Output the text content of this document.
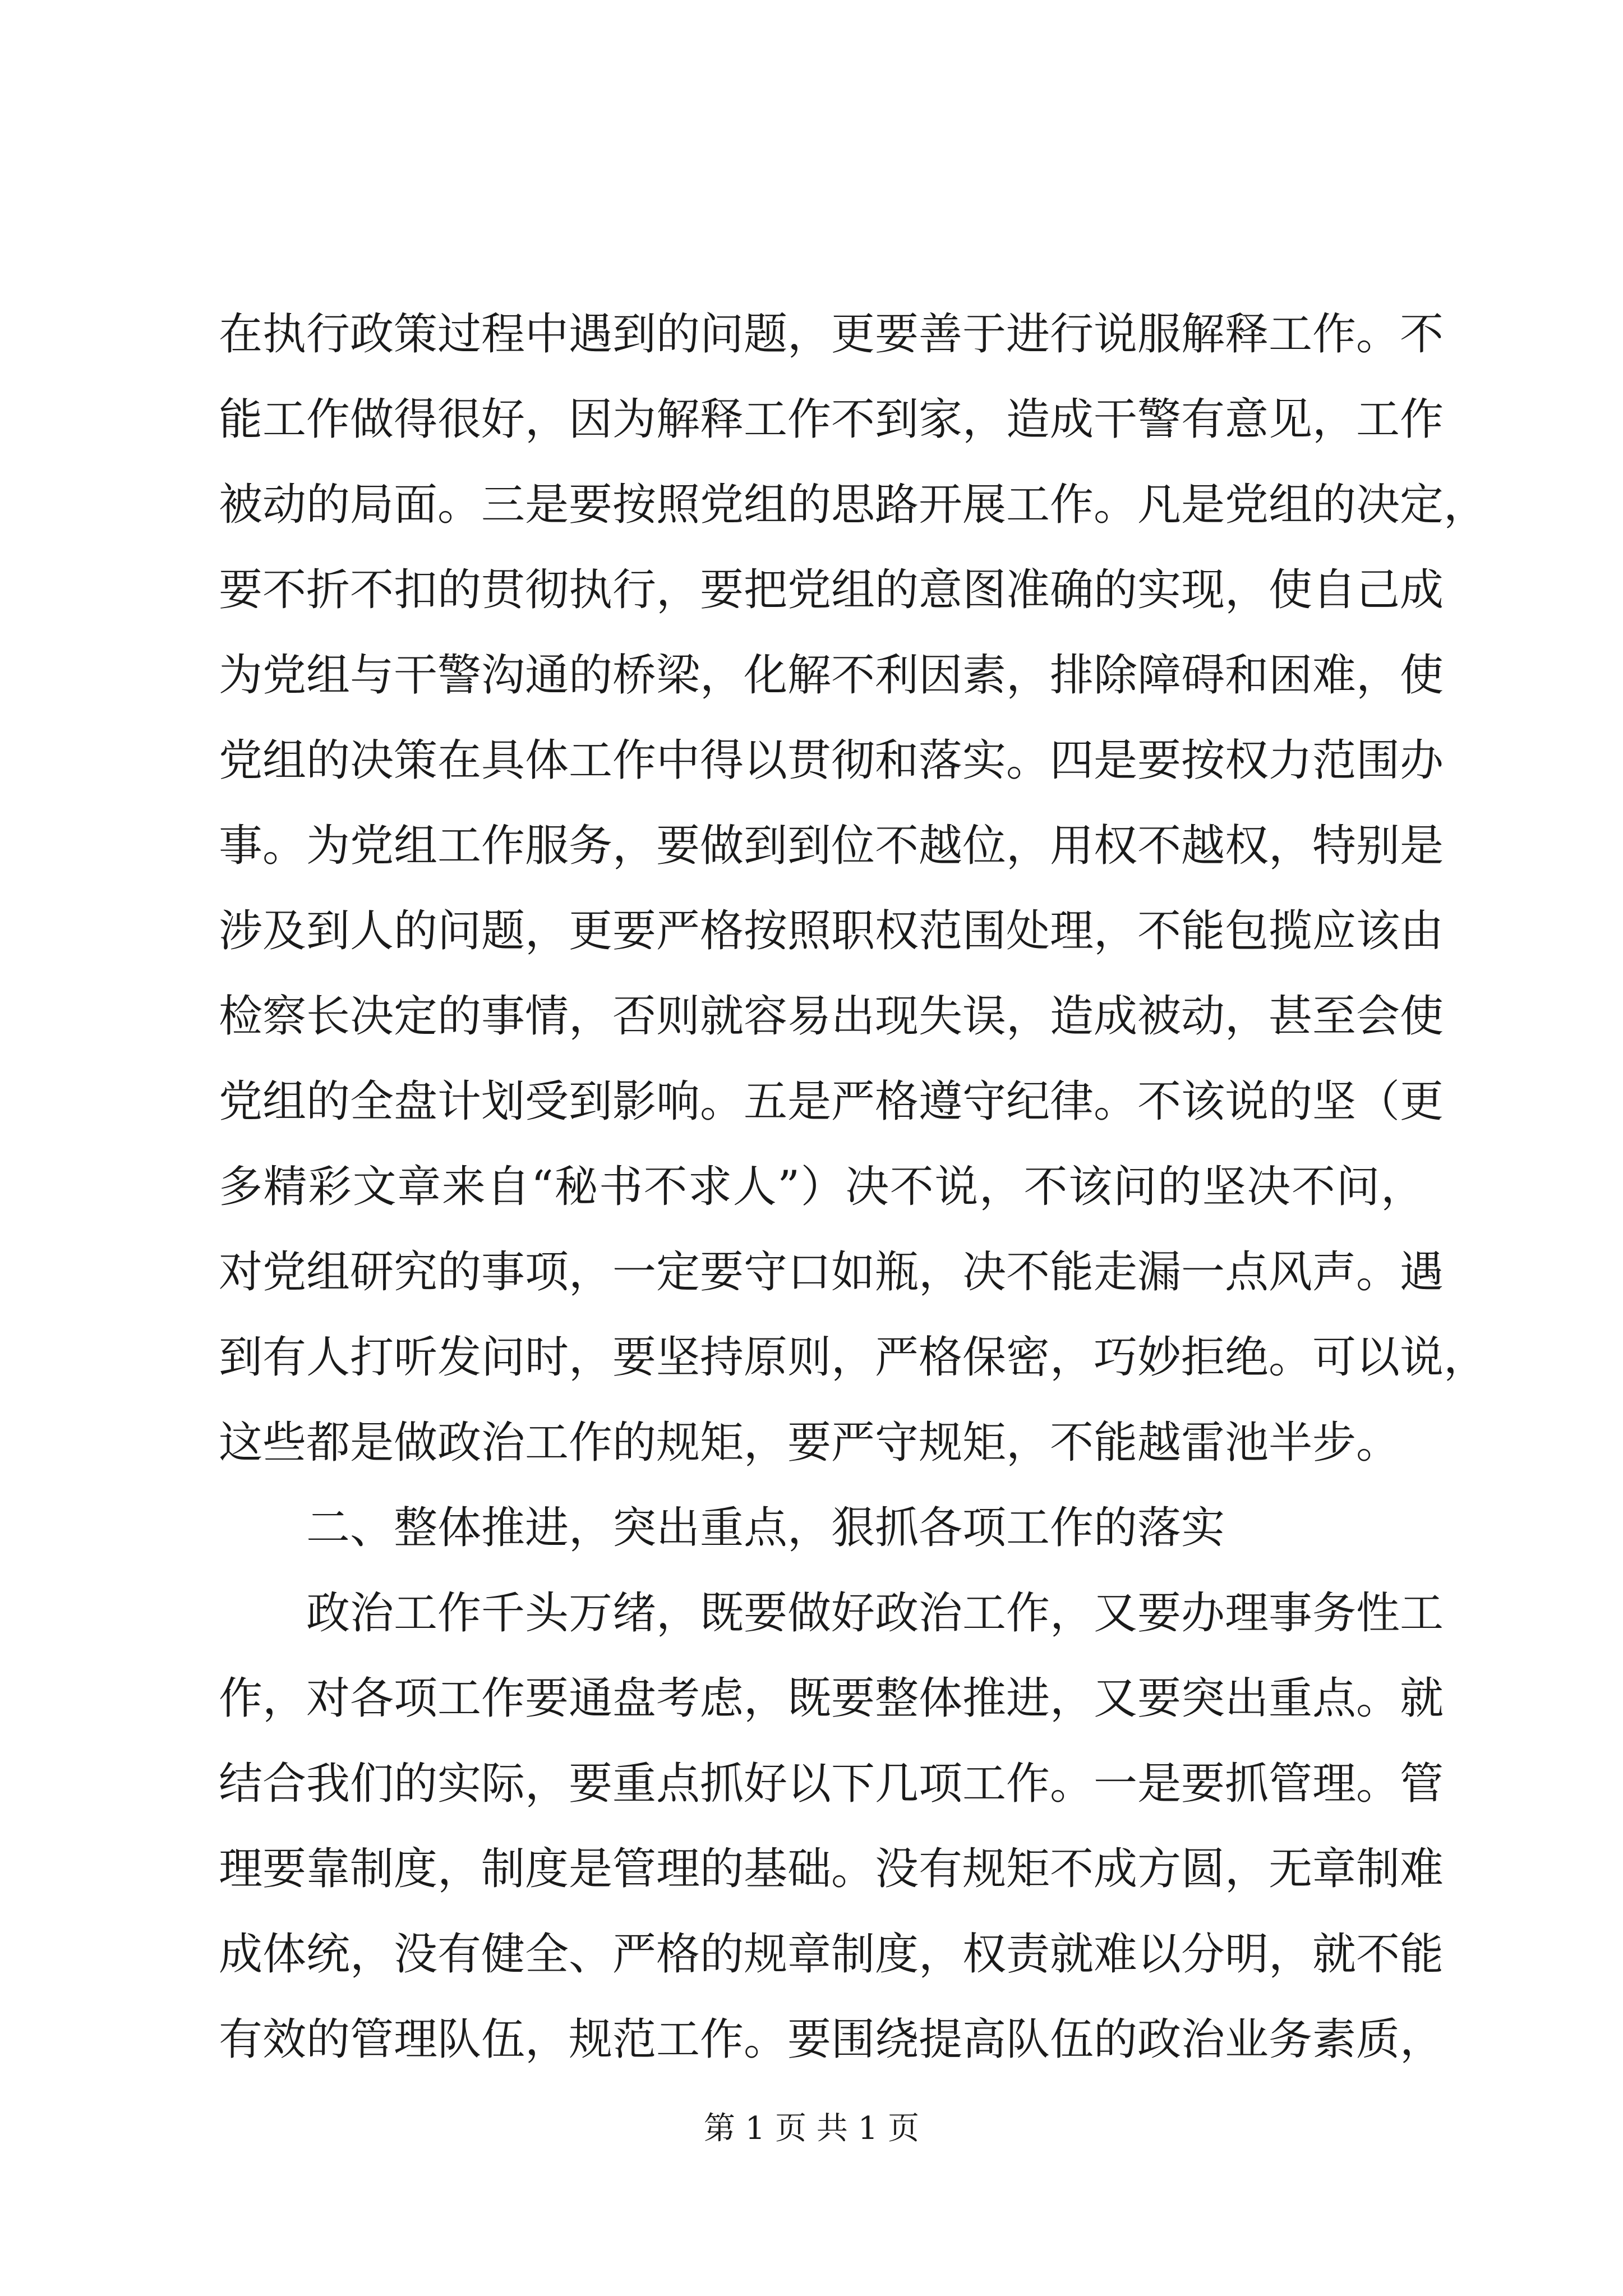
在执行政策过程中遇到的问题，更要善于进行说服解释工作。不
能工作做得很好，因为解释工作不到家，造成干警有意见，工作
被动的局面。三是要按照党组的思路开展工作。凡是党组的决定，
要不折不扣的贯彻执行，要把党组的意图准确的实现，使自己成
为党组与干警沟通的桥梁，化解不利因素，排除障碍和困难，使
党组的决策在具体工作中得以贯彻和落实。四是要按权力范围办
事。为党组工作服务，要做到到位不越位，用权不越权，特别是
涉及到人的问题，更要严格按照职权范围处理，不能包揽应该由
检察长决定的事情，否则就容易出现失误，造成被动，甚至会使
党组的全盘计划受到影响。五是严格遵守纪律。不该说的坚（更
多精彩文章来自“秘书不求人”）决不说，不该问的坚决不问，
对党组研究的事项，一定要守口如瓶，决不能走漏一点风声。遇
到有人打听发问时，要坚持原则，严格保密，巧妙拒绝。可以说，
这些都是做政治工作的规矩，要严守规矩，不能越雷池半步。
二、整体推进，突出重点，狠抓各项工作的落实
政治工作千头万绪，既要做好政治工作，又要办理事务性工
作，对各项工作要通盘考虑，既要整体推进，又要突出重点。就
结合我们的实际，要重点抓好以下几项工作。一是要抓管理。管
理要靠制度，制度是管理的基础。没有规矩不成方圆，无章制难
成体统，没有健全、严格的规章制度，权责就难以分明，就不能
有效的管理队伍，规范工作。要围绕提高队伍的政治业务素质，
第 1 页 共 1 页
